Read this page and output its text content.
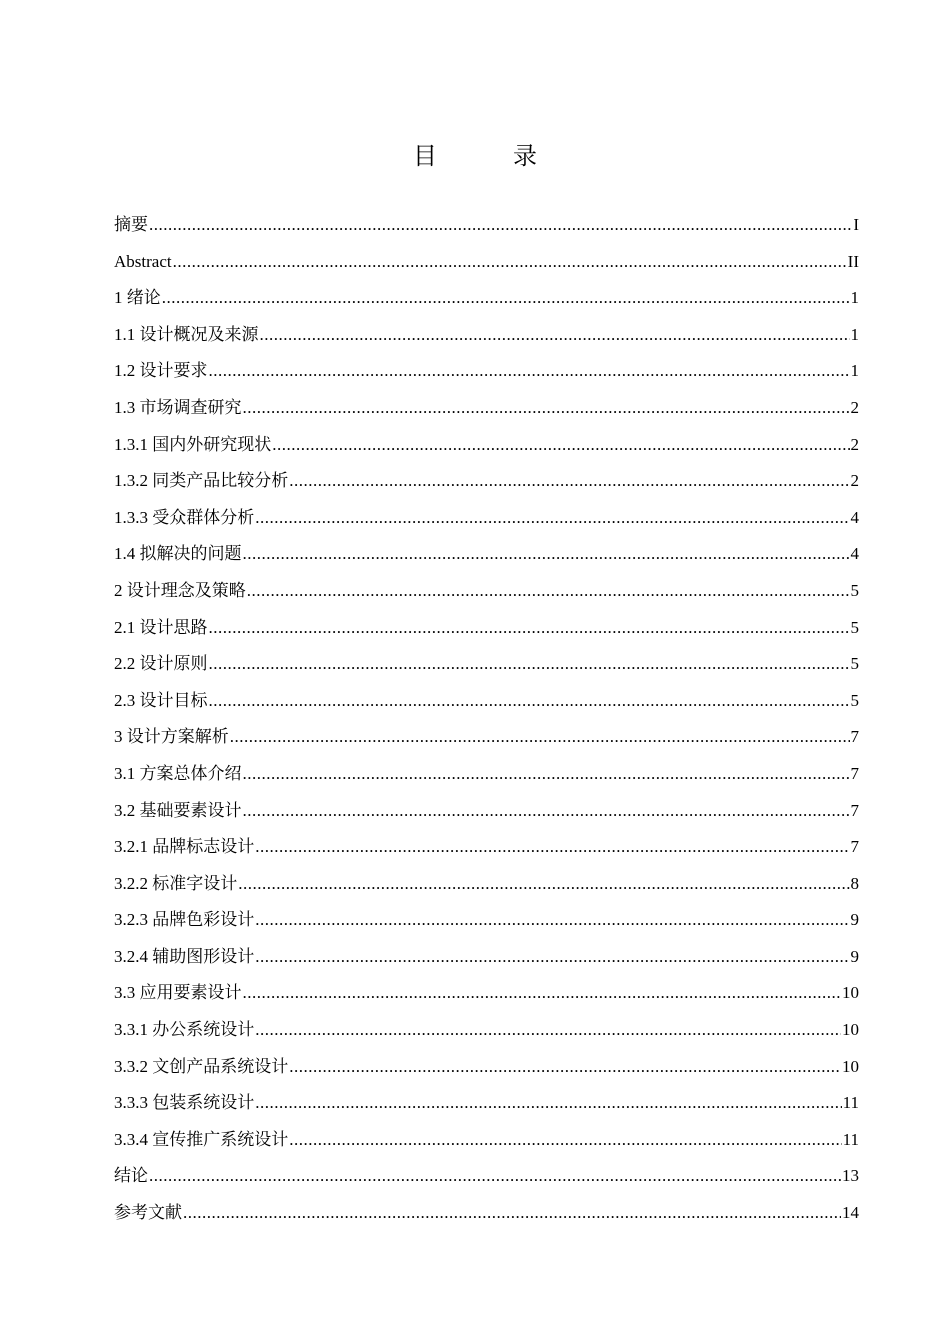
目　录
摘要 .....	I
Abstract .....	II
1 绪论 .....	1
1.1 设计概况及来源 .....	1
1.2 设计要求 .....	1
1.3 市场调查研究 .....	2
1.3.1 国内外研究现状 .....	2
1.3.2 同类产品比较分析 .....	2
1.3.3 受众群体分析 .....	4
1.4 拟解决的问题 .....	4
2 设计理念及策略 .....	5
2.1 设计思路 .....	5
2.2 设计原则 .....	5
2.3 设计目标 .....	5
3 设计方案解析 .....	7
3.1 方案总体介绍 .....	7
3.2 基础要素设计 .....	7
3.2.1 品牌标志设计 .....	7
3.2.2 标准字设计 .....	8
3.2.3 品牌色彩设计 .....	9
3.2.4 辅助图形设计 .....	9
3.3 应用要素设计 .....	10
3.3.1 办公系统设计 .....	10
3.3.2 文创产品系统设计 .....	10
3.3.3 包装系统设计 .....	11
3.3.4 宣传推广系统设计 .....	11
结论 .....	13
参考文献 .....	14
